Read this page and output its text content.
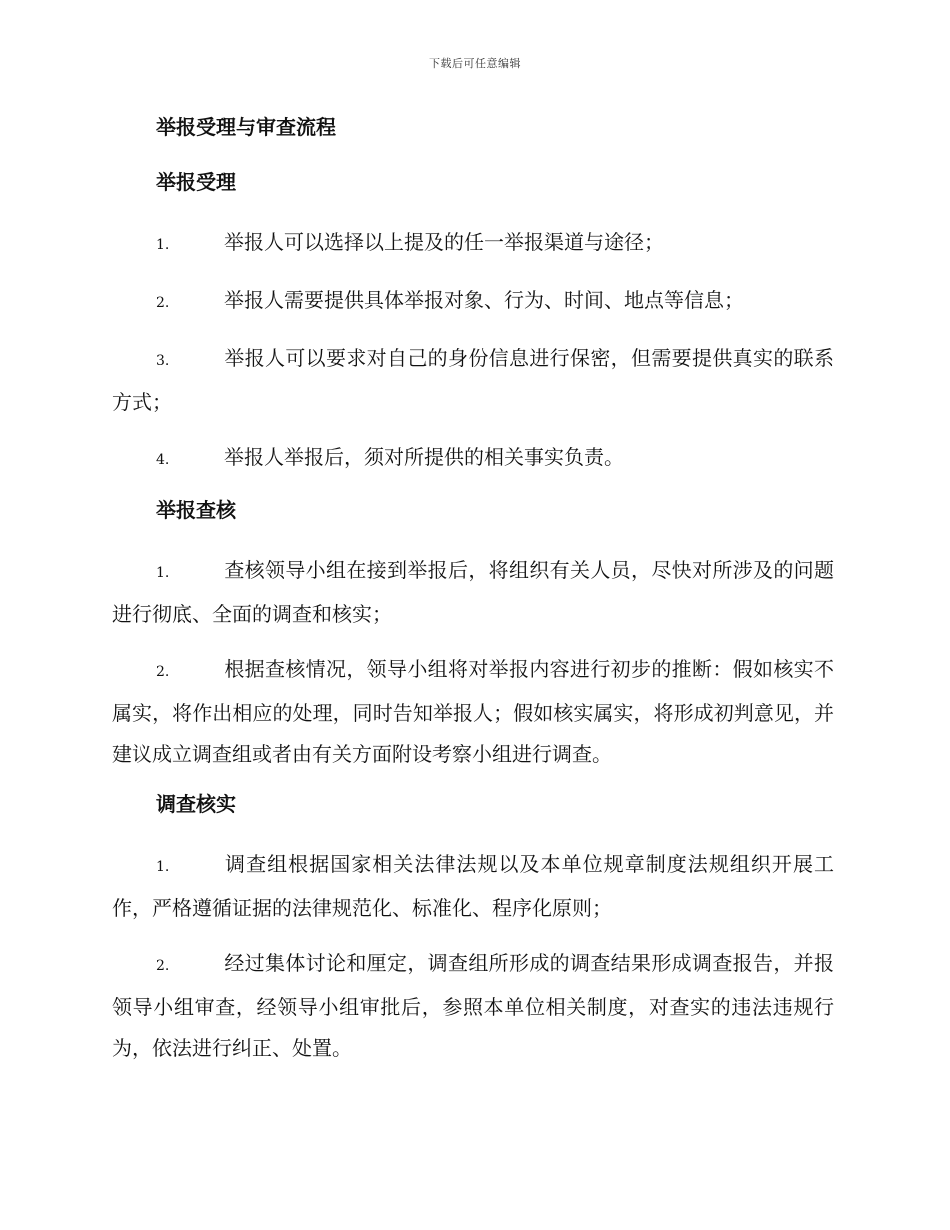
下载后可任意编辑
举报受理与审查流程
举报受理

1.	举报人可以选择以上提及的任一举报渠道与途径；

2.	举报人需要提供具体举报对象、行为、时间、地点等信息；

3.	举报人可以要求对自己的身份信息进行保密，但需要提供真实的联系方式；

4.	举报人举报后，须对所提供的相关事实负责。

举报查核

1.	查核领导小组在接到举报后，将组织有关人员，尽快对所涉及的问题进行彻底、全面的调查和核实；

2.	根据查核情况，领导小组将对举报内容进行初步的推断：假如核实不属实，将作出相应的处理，同时告知举报人；假如核实属实，将形成初判意见，并建议成立调查组或者由有关方面附设考察小组进行调查。

调查核实

1.	调查组根据国家相关法律法规以及本单位规章制度法规组织开展工作，严格遵循证据的法律规范化、标准化、程序化原则；

2.	经过集体讨论和厘定，调查组所形成的调查结果形成调查报告，并报领导小组审查，经领导小组审批后，参照本单位相关制度，对查实的违法违规行为，依法进行纠正、处置。
